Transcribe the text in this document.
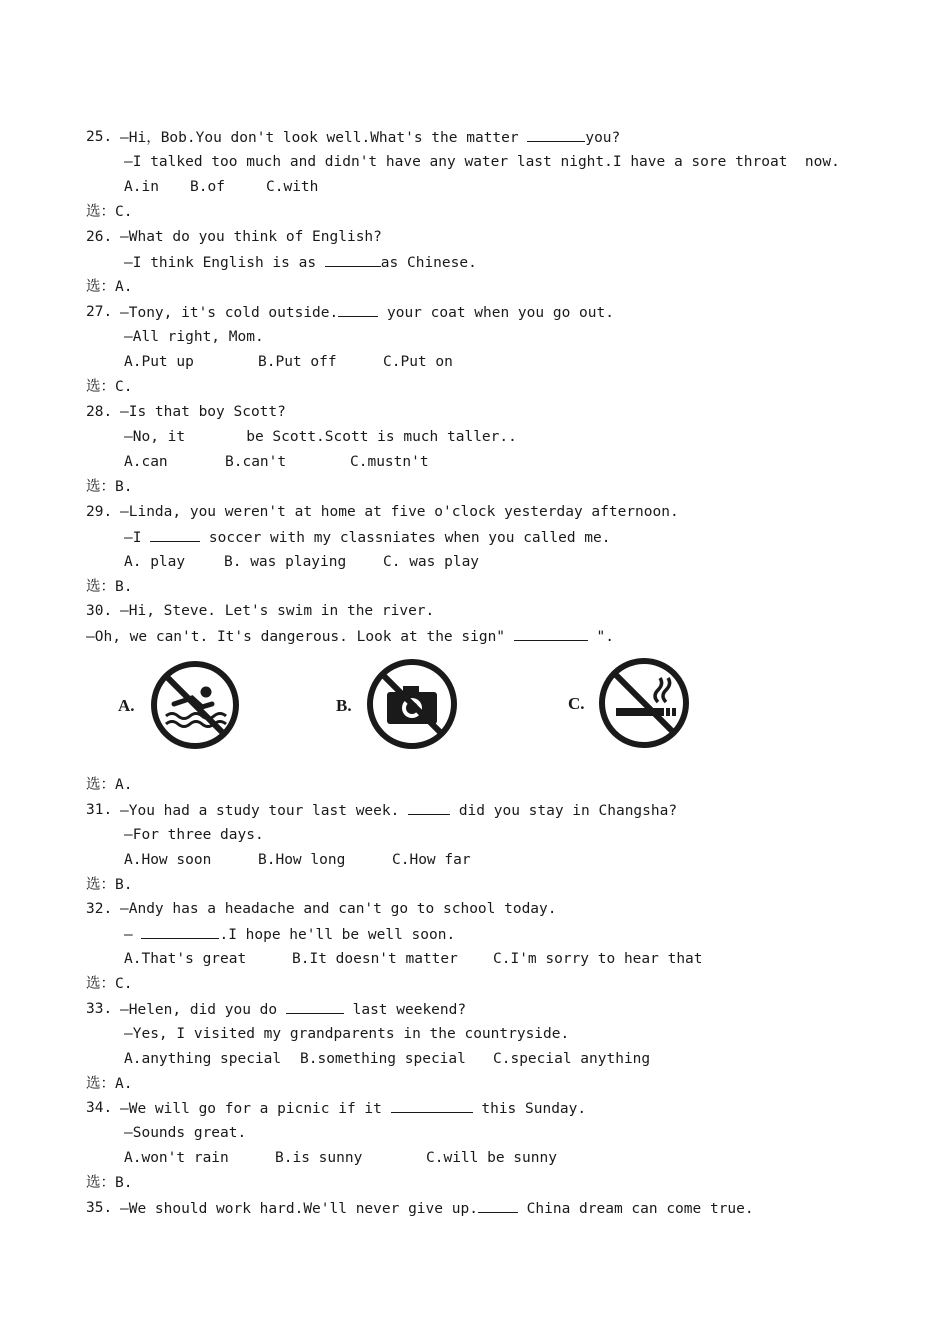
25. —Hi，Bob.You don't look well.What's the matter	you?
—I talked too much and didn't have any water last night.I have a sore throat  now.
A.in B.of	C.with
选：C.
26. —What do you think of English?
—I think English is as	as Chinese.
选：A.
27. —Tony, it's cold outside.	your coat when you go out.
—All right, Mom.
A.Put up	B.Put off	C.Put on
选：C.
28. —Is that boy Scott?
—No, it       be Scott.Scott is much taller..
A.can	B.can't	C.mustn't
选：B.
29. —Linda, you weren't at home at five o'clock yesterday afternoon.
—I	soccer with my classniates when you called me.
A. play	B. was playing	C. was play
选：B.
30. —Hi, Steve. Let's swim in the river.
—Oh, we can't. It's dangerous. Look at the sign"	".
A.	B.	C.
选：A.
31. —You had a study tour last week.	did you stay in Changsha?
—For three days.
A.How soon	B.How long	C.How far
选：B.
32. —Andy has a headache and can't go to school today.
—	.I hope he'll be well soon.
A.That's great	B.It doesn't matter C.I'm sorry to hear that
选：C.
33. —Helen, did you do	last weekend?
—Yes, I visited my grandparents in the countryside.
A.anything special B.something special C.special anything
选：A.
34. —We will go for a picnic if it	this Sunday.
—Sounds great.
A.won't rain	B.is sunny	C.will be sunny
选：B.
35. —We should work hard.We'll never give up.	China dream can come true.
